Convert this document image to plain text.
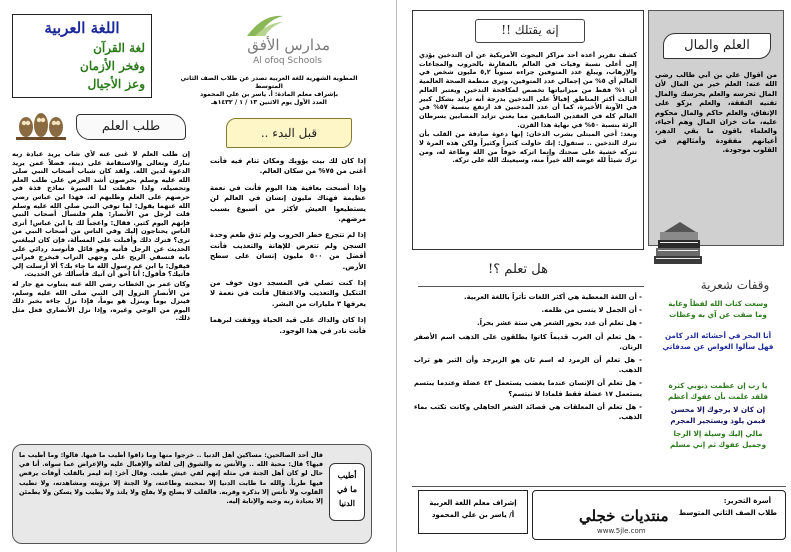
اللغة العربية
لغة القرآن
وفخر الأزمان
وعز الأجيال
مدارس الأفق
Al ofoq Schools
المطوية الشهرية للغة العربية تصدر عن طلاب الصف الثاني المتوسط
بإشراف معلم المادة: أ. ياسر بن علي المحمود
العدد الأول يوم الاثنين ١٣ / ١ / ١٤٣٢هـ
طلب العلم

إن طلب العلم لا غنى عنه لأي شاب يريد عبادة ربه تبارك وتعالى والاستقامة على دينه، فضلاً عمن يريد الدعوة لدين الله. ولقد كان شباب أصحاب النبي صلى الله عليه وسلم يحرصون أشد الحرص على طلب العلم وتحصيله، ولذا حفظت لنا السيرة نماذج فذة في حرصهم على العلم وطلبهم له. فهذا ابن عباس رضي الله عنهما يقول: لما توفي النبي صلى الله عليه وسلم قلت لرجل من الأنصار: هلم فلنسأل أصحاب النبي فإنهم اليوم كثير. فقال: واعجباً لك يا ابن عباس! أترى الناس يحتاجون إليك وفي الناس من أصحاب النبي من ترى؟ فترك ذلك وأقبلت على المسألة، فإن كان ليبلغني الحديث عن الرجل فآتيه وهو قائل فأتوسد ردائي على بابه فتسفي الريح على وجهي التراب فيخرج فيراني فيقول: يا ابن عم رسول الله ما جاء بك؟ ألا أرسلت إلي فآتيك؟ فأقول: أنا أحق أن آتيك فأسألك عن الحديث.

وكان عمر بن الخطاب رضي الله عنه يتناوب مع جار له من الأنصار النزول إلى النبي صلى الله عليه وسلم، فينزل يوماً وينزل هو يوماً، فإذا نزل جاءه بخبر ذلك اليوم من الوحي وغيره، وإذا نزل الأنصاري فعل مثل ذلك.

قبل البدء ..

إذا كان لك بيت يؤويك ومكان تنام فيه فأنت أغنى من ٧٥% من سكان العالم.

وإذا أصبحت بعافية هذا اليوم فأنت في نعمة عظيمة فهناك مليون إنسان في العالم لن يستطيعوا العيش لأكثر من أسبوع بسبب مرضهم.

إذا لم تتجرع خطر الحروب ولم تذق طعم وحدة السجن ولم تتعرض للإهانة والتعذيب فأنت أفضل من ٥٠٠ مليون إنسان على سطح الأرض.

إذا كنت تصلي في المسجد دون خوف من التنكيل والتعذيب والاعتقال فأنت في نعمة لا يعرفها ٣ مليارات من البشر.

إذا كان والداك على قيد الحياة ووفقت لبرهما فأنت نادر في هذا الوجود.

أطيب
ما في
الدنيا
قال أحد الصالحين: مساكين أهل الدنيا .. خرجوا منها وما ذاقوا أطيب ما فيها. قالوا: وما أطيب ما فيها؟ قال: محبة الله .. والأنس به والشوق إلى لقائه والإقبال عليه والإعراض عما سواه. أنا في حال لو كان أهل الجنة في مثله إنهم لفي عيش طيب. وقال آخر: إنه ليمر بالقلب أوقات يرقص فيها طرباً. والله ما طابت الدنيا إلا بمحبته وطاعته، ولا الجنة إلا برؤيته ومشاهدته، ولا تطيب القلوب ولا تأنس إلا بذكره وقربه. فالقلب لا يصلح ولا يفلح ولا يلتذ ولا يطيب ولا يسكن ولا يطمئن إلا بعبادة ربه وحبه والإنابة إليه.
إنه يقتلك !!

كشف تقرير أعده أحد مراكز البحوث الأمريكية عن أن التدخين يؤدي إلى أعلى نسبة وفيات في العالم بالمقارنة بالحروب والمجاعات والإرهاب، ويبلغ عدد المتوفين جراءه سنوياً ٥,٢ مليون شخص في العالم أي ٥% من إجمالي عدد المتوفين، وترى منظمة الصحة العالمية أن ١% فقط من ميزانياتها تخصص لمكافحة التدخين ويعتبر العالم الثالث أكثر المناطق إقبالاً على التدخين بدرجة أنه تزايد بشكل كبير في الآونة الأخيرة، كما أن عدد المدخنين قد ارتفع بنسبة ٥٧% في العالم كله في العقدين السابقين مما يعني تزايد المصابين بسرطان الرئة بنسبة ٥٠% في نهاية هذا القرن.

وبعد: أخي المبتلى بشرب الدخان: إنها دعوة صادقة من القلب بأن تترك التدخين .. ستقول: إنك حاولت كثيراً وكثيراً ولكن هذه المرة لا تتركه خشية على صحتك وإنما اتركه خوفاً من الله وطاعة له، ومن ترك شيئاً لله عوضه الله خيراً منه، وسيعينك الله على تركه.

العلم والمال
من أقوال علي بن أبي طالب رضي الله عنه: العلم خير من المال لأن المال تحرسه والعلم يحرسك والمال تفنيه النفقة، والعلم يزكو على الإنفاق، والعلم حاكم والمال محكوم عليه، مات خزان المال وهم أحياء، والعلماء باقون ما بقي الدهر، أعيانهم مفقودة وأمثالهم في القلوب موجودة.
هل تعلم ؟!

- أن اللغة المعطية هي أكثر اللغات تأثراً باللغة العربية.

- أن الجمل لا ينسى من ظلمه.

- هل تعلم أن عدد بحور الشعر هي ستة عشر بحراً.

- هل تعلم أن العرب قديماً كانوا يطلقون على الذهب اسم الأصفر الرنان.

- هل تعلم أن الزمرد له اسم ثان هو الزبرجد وأن التبر هو تراب الذهب.

- هل تعلم أن الإنسان عندما يغضب يستعمل ٤٣ عضلة وعندما يبتسم يستعمل ١٧ عضلة فقط فلماذا لا نبتسم؟

- هل تعلم أن المعلقات هي قصائد الشعر الجاهلي وكانت تكتب بماء الذهب.

وقفات شعرية
وسعت كتاب الله لفظاً وغاية
وما ضقت عن آي به وعظات
أنا البحر في أحشائه الدر كامن
فهل سألوا الغواص عن صدفاتي
يا رب إن عظمت ذنوبي كثرة
فلقد علمت بأن عفوك أعظم
إن كان لا يرجوك إلا محسن
فبمن يلوذ ويستجير المجرم
مالي إليك وسيلة إلا الرجا
وجميل عفوك ثم إني مسلم
إشراف معلم اللغة العربية
أ/ ياسر بن علي المحمود
أسرة التحرير:
طلاب الصف الثاني المتوسط
منتديات خجلي
www.5jle.com
